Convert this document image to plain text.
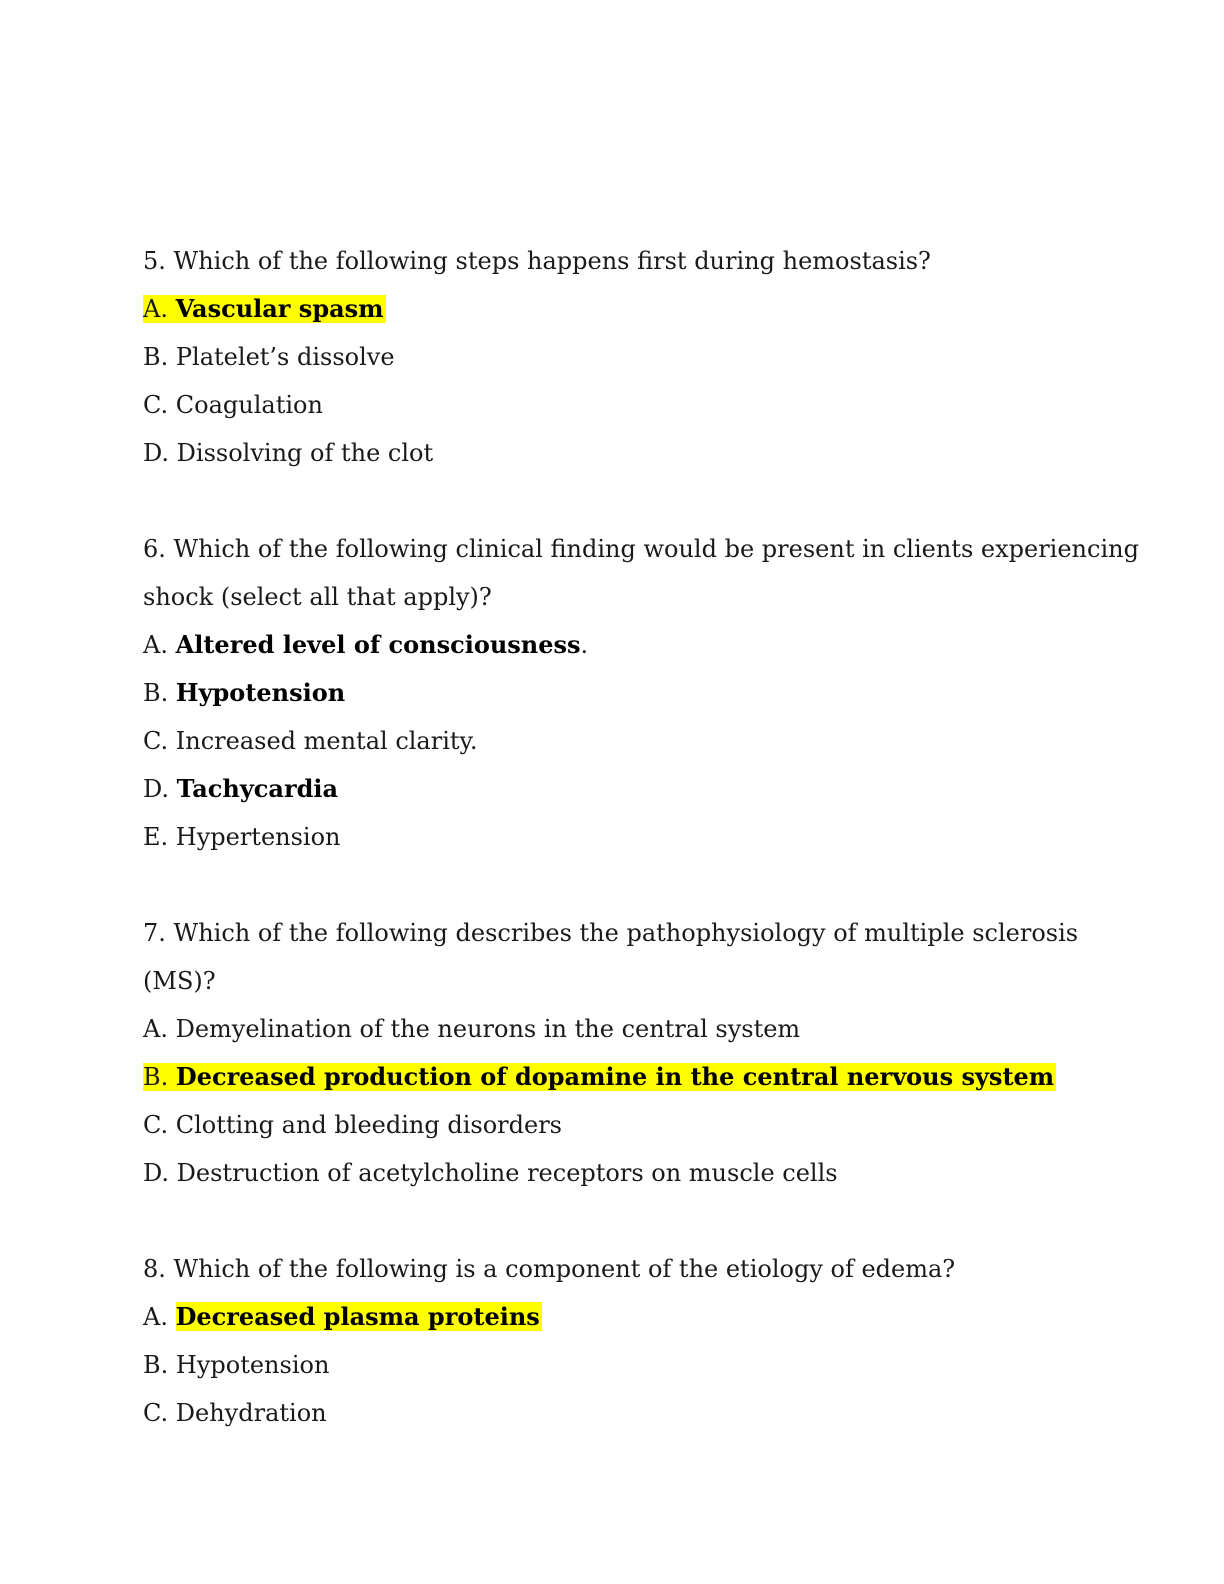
5. Which of the following steps happens first during hemostasis?
A. Vascular spasm
B. Platelet’s dissolve
C. Coagulation
D. Dissolving of the clot
6. Which of the following clinical finding would be present in clients experiencing
shock (select all that apply)?
A. Altered level of consciousness.
B. Hypotension
C. Increased mental clarity.
D. Tachycardia
E. Hypertension
7. Which of the following describes the pathophysiology of multiple sclerosis
(MS)?
A. Demyelination of the neurons in the central system
B. Decreased production of dopamine in the central nervous system
C. Clotting and bleeding disorders
D. Destruction of acetylcholine receptors on muscle cells
8. Which of the following is a component of the etiology of edema?
A. Decreased plasma proteins
B. Hypotension
C. Dehydration
